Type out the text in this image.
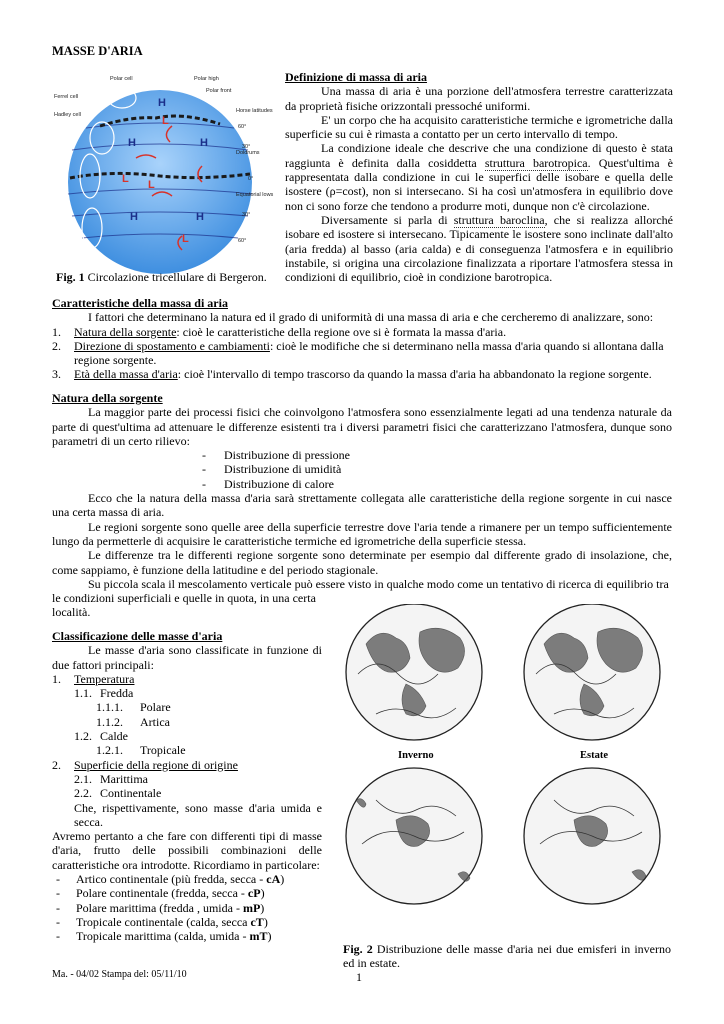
MASSE D'ARIA
H
H	H
L
L L
H	H
L
Polar cell	Polar high
Polar front
Ferrel cell
Hadley cell
Horse latitudes
Doldrums
Equatorial lows
60°
30°
0°
30°
60°
Fig. 1 Circolazione tricellulare di Bergeron.

Definizione di massa di aria

Una massa di aria è una porzione dell'atmosfera terrestre caratterizzata da proprietà fisiche orizzontali pressoché uniformi.

E' un corpo che ha acquisito caratteristiche termiche e igrometriche dalla superficie su cui è rimasta a contatto per un certo intervallo di tempo.

La condizione ideale che descrive che una condizione di questo è stata raggiunta è definita dalla cosiddetta struttura barotropica. Quest'ultima è rappresentata dalla condizione in cui le superfici delle isobare e quella delle isostere (ρ=cost), non si intersecano. Si ha così un'atmosfera in equilibrio dove non ci sono forze che tendono a produrre moti, dunque non c'è circolazione.

Diversamente si parla di struttura baroclina, che si realizza allorché isobare ed isostere si intersecano. Tipicamente le isostere sono inclinate dall'alto (aria fredda) al basso (aria calda) e di conseguenza l'atmosfera e in equilibrio instabile, si origina una circolazione finalizzata a riportare l'atmosfera stessa in condizioni di equilibrio, cioè in condizione barotropica.

Caratteristiche della massa di aria

I fattori che determinano la natura ed il grado di uniformità di una massa di aria e che cercheremo di analizzare, sono:

1. Natura della sorgente: cioè le caratteristiche della regione ove si è formata la massa d'aria.
2. Direzione di spostamento e cambiamenti: cioè le modifiche che si determinano nella massa d'aria quando si allontana dalla regione sorgente.
3. Età della massa d'aria: cioè l'intervallo di tempo trascorso da quando la massa d'aria ha abbandonato la regione sorgente.

Natura della sorgente

La maggior parte dei processi fisici che coinvolgono l'atmosfera sono essenzialmente legati ad una tendenza naturale da parte di quest'ultima ad attenuare le differenze esistenti tra i diversi parametri fisici che caratterizzano l'atmosfera, dunque sono parametri di un certo rilievo:

- Distribuzione di pressione
- Distribuzione di umidità
- Distribuzione di calore

Ecco che la natura della massa d'aria sarà strettamente collegata alle caratteristiche della regione sorgente in cui nasce una certa massa di aria.

Le regioni sorgente sono quelle aree della superficie terrestre dove l'aria tende a rimanere per un tempo sufficientemente lungo da permetterle di acquisire le caratteristiche termiche ed igrometriche della superficie stessa.

Le differenze tra le differenti regione sorgente sono determinate per esempio dal differente grado di insolazione, che, come sappiamo, è funzione della latitudine e del periodo stagionale.

Su piccola scala il mescolamento verticale può essere visto in qualche modo come un tentativo di ricerca di equilibrio tra

le condizioni superficiali e quelle in quota, in una certa

località.

Classificazione delle masse d'aria

Le masse d'aria sono classificate in funzione di due fattori principali:

1. Temperatura
1.1. Fredda
1.1.1. Polare
1.1.2. Artica
1.2. Calde
1.2.1. Tropicale
2. Superficie della regione di origine
2.1. Marittima
2.2. Continentale

Che, rispettivamente, sono masse d'aria umida e secca.

Avremo pertanto a che fare con differenti tipi di masse d'aria, frutto delle possibili combinazioni delle caratteristiche ora introdotte. Ricordiamo in particolare:

- Artico continentale (più fredda, secca - cA)
- Polare continentale (fredda, secca - cP)
- Polare marittima (fredda , umida - mP)
- Tropicale continentale (calda, secca cT)
- Tropicale marittima (calda, umida - mT)
Inverno	Estate
Fig. 2 Distribuzione delle masse d'aria nei due emisferi in inverno ed in estate.
Ma. - 04/02 Stampa del: 05/11/10	1
